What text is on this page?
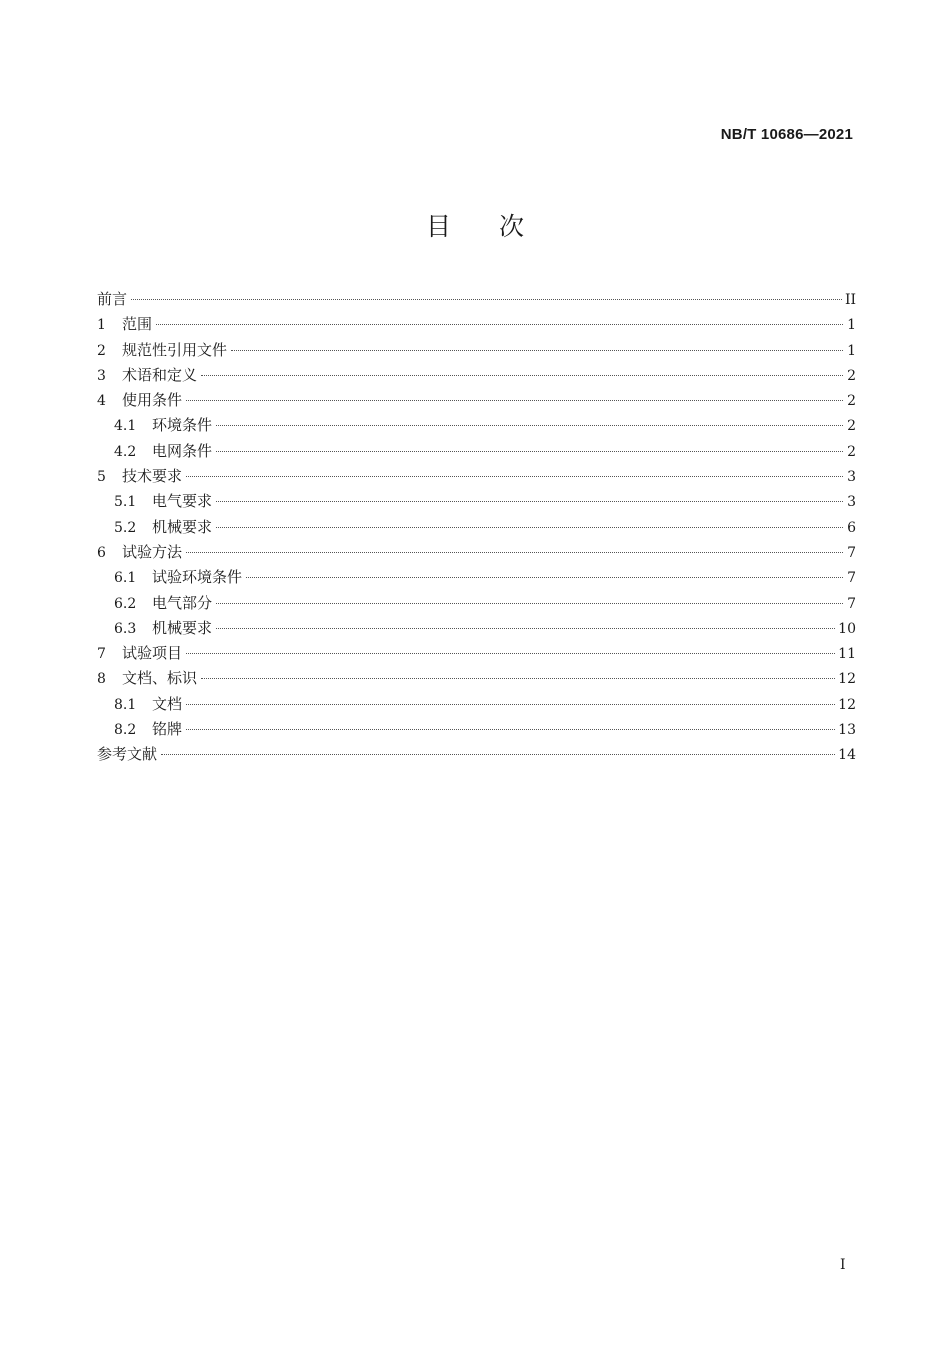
NB/T 10686—2021
目 次
前言	II
1	范围	1
2	规范性引用文件	1
3	术语和定义	2
4	使用条件	2
4.1	环境条件	2
4.2	电网条件	2
5	技术要求	3
5.1	电气要求	3
5.2	机械要求	6
6	试验方法	7
6.1	试验环境条件	7
6.2	电气部分	7
6.3	机械要求	10
7	试验项目	11
8	文档、标识	12
8.1	文档	12
8.2	铭牌	13
参考文献	14
I
